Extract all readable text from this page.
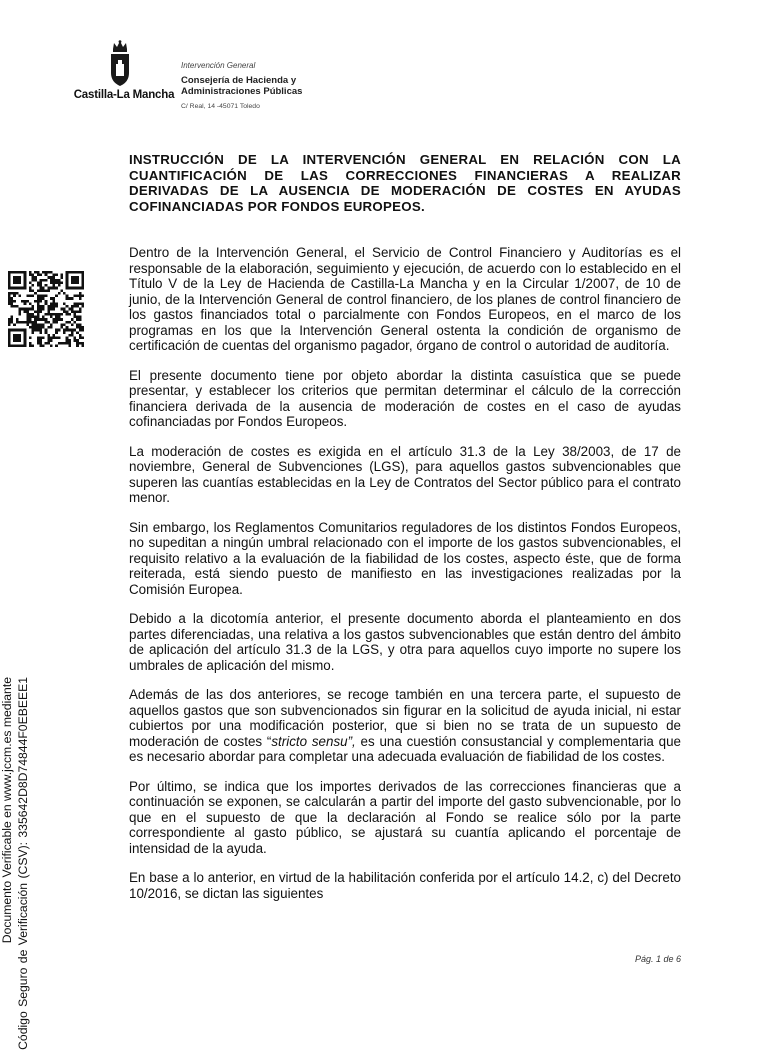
Castilla-La Mancha
Intervención General
Consejería de Hacienda y
Administraciones Públicas
C/ Real, 14 -45071 Toledo
Documento Verificable en www.jccm.es mediante Código Seguro de Verificación (CSV): 335642D8D74844F0EBEEE1
INSTRUCCIÓN DE LA INTERVENCIÓN GENERAL EN RELACIÓN CON LA CUANTIFICACIÓN DE LAS CORRECCIONES FINANCIERAS A REALIZAR DERIVADAS DE LA AUSENCIA DE MODERACIÓN DE COSTES EN AYUDAS COFINANCIADAS POR FONDOS EUROPEOS.

Dentro de la Intervención General, el Servicio de Control Financiero y Auditorías es el responsable de la elaboración, seguimiento y ejecución, de acuerdo con lo establecido en el Título V de la Ley de Hacienda de Castilla-La Mancha y en la Circular 1/2007, de 10 de junio, de la Intervención General de control financiero, de los planes de control financiero de los gastos financiados total o parcialmente con Fondos Europeos, en el marco de los programas en los que la Intervención General ostenta la condición de organismo de certificación de cuentas del organismo pagador, órgano de control o autoridad de auditoría.

El presente documento tiene por objeto abordar la distinta casuística que se puede presentar, y establecer los criterios que permitan determinar el cálculo de la corrección financiera derivada de la ausencia de moderación de costes en el caso de ayudas cofinanciadas por Fondos Europeos.

La moderación de costes es exigida en el artículo 31.3 de la Ley 38/2003, de 17 de noviembre, General de Subvenciones (LGS), para aquellos gastos subvencionables que superen las cuantías establecidas en la Ley de Contratos del Sector público para el contrato menor.

Sin embargo, los Reglamentos Comunitarios reguladores de los distintos Fondos Europeos, no supeditan a ningún umbral relacionado con el importe de los gastos subvencionables, el requisito relativo a la evaluación de la fiabilidad de los costes, aspecto éste, que de forma reiterada, está siendo puesto de manifiesto en las investigaciones realizadas por la Comisión Europea.

Debido a la dicotomía anterior, el presente documento aborda el planteamiento en dos partes diferenciadas, una relativa a los gastos subvencionables que están dentro del ámbito de aplicación del artículo 31.3 de la LGS, y otra para aquellos cuyo importe no supere los umbrales de aplicación del mismo.

Además de las dos anteriores, se recoge también en una tercera parte, el supuesto de aquellos gastos que son subvencionados sin figurar en la solicitud de ayuda inicial, ni estar cubiertos por una modificación posterior, que si bien no se trata de un supuesto de moderación de costes “stricto sensu”, es una cuestión consustancial y complementaria que es necesario abordar para completar una adecuada evaluación de fiabilidad de los costes.

Por último, se indica que los importes derivados de las correcciones financieras que a continuación se exponen, se calcularán a partir del importe del gasto subvencionable, por lo que en el supuesto de que la declaración al Fondo se realice sólo por la parte correspondiente al gasto público, se ajustará su cuantía aplicando el porcentaje de intensidad de la ayuda.

En base a lo anterior, en virtud de la habilitación conferida por el artículo 14.2, c) del Decreto 10/2016, se dictan las siguientes

Pág. 1 de 6
